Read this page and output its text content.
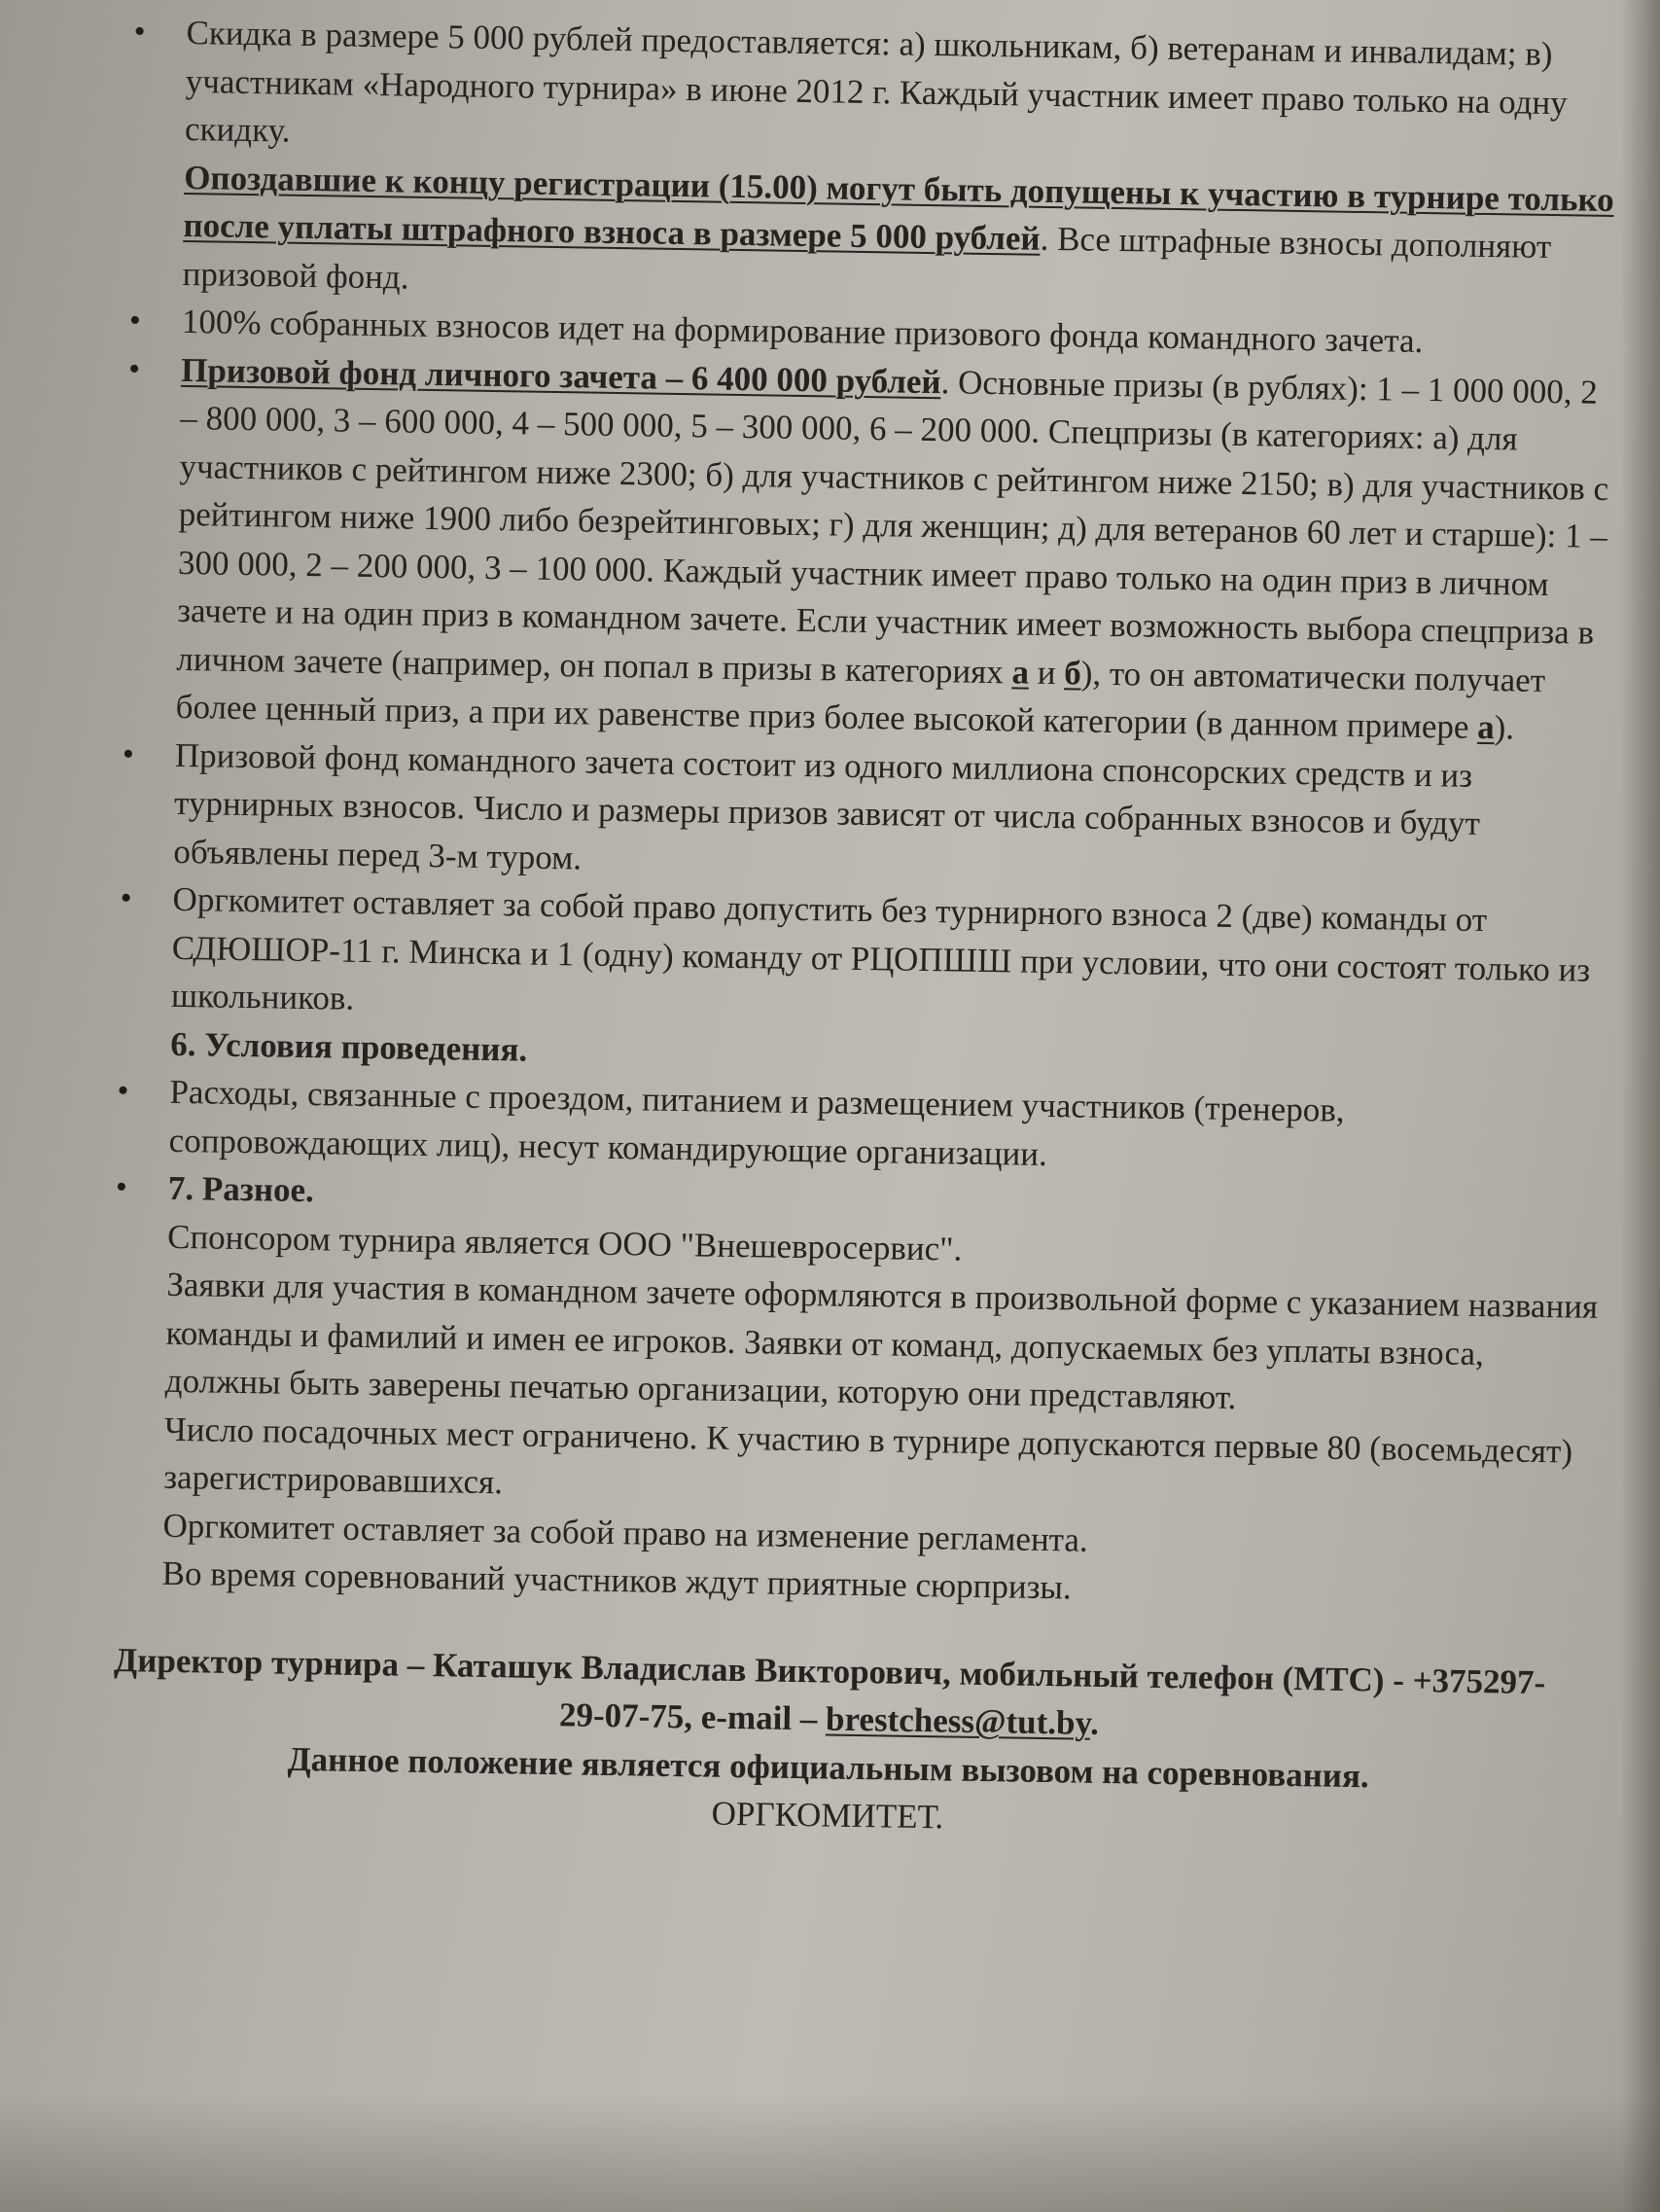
• Скидка в размере 5 000 рублей предоставляется: а) школьникам, б) ветеранам и инвалидам; в) участникам «Народного турнира» в июне 2012 г. Каждый участник имеет право только на одну скидку.

Опоздавшие к концу регистрации (15.00) могут быть допущены к участию в турнире только после уплаты штрафного взноса в размере 5 000 рублей. Все штрафные взносы дополняют призовой фонд.

• 100% собранных взносов идет на формирование призового фонда командного зачета.

• Призовой фонд личного зачета – 6 400 000 рублей. Основные призы (в рублях): 1 – 1 000 000, 2 – 800 000, 3 – 600 000, 4 – 500 000, 5 – 300 000, 6 – 200 000. Спецпризы (в категориях: а) для участников с рейтингом ниже 2300; б) для участников с рейтингом ниже 2150; в) для участников с рейтингом ниже 1900 либо безрейтинговых; г) для женщин; д) для ветеранов 60 лет и старше): 1 – 300 000, 2 – 200 000, 3 – 100 000. Каждый участник имеет право только на один приз в личном зачете и на один приз в командном зачете. Если участник имеет возможность выбора спецприза в личном зачете (например, он попал в призы в категориях а и б), то он автоматически получает более ценный приз, а при их равенстве приз более высокой категории (в данном примере а).

• Призовой фонд командного зачета состоит из одного миллиона спонсорских средств и из турнирных взносов. Число и размеры призов зависят от числа собранных взносов и будут объявлены перед 3-м туром.

• Оргкомитет оставляет за собой право допустить без турнирного взноса 2 (две) команды от СДЮШОР-11 г. Минска и 1 (одну) команду от РЦОПШШ при условии, что они состоят только из школьников.

6. Условия проведения.

• Расходы, связанные с проездом, питанием и размещением участников (тренеров, сопровождающих лиц), несут командирующие организации.

• 7. Разное.

Спонсором турнира является ООО "Внешевросервис".

Заявки для участия в командном зачете оформляются в произвольной форме с указанием названия команды и фамилий и имен ее игроков. Заявки от команд, допускаемых без уплаты взноса, должны быть заверены печатью организации, которую они представляют.

Число посадочных мест ограничено. К участию в турнире допускаются первые 80 (восемьдесят) зарегистрировавшихся.

Оргкомитет оставляет за собой право на изменение регламента.

Во время соревнований участников ждут приятные сюрпризы.

Директор турнира – Каташук Владислав Викторович, мобильный телефон (МТС) - +375297-29-07-75, e-mail – brestchess@tut.by.

Данное положение является официальным вызовом на соревнования.

ОРГКОМИТЕТ.
